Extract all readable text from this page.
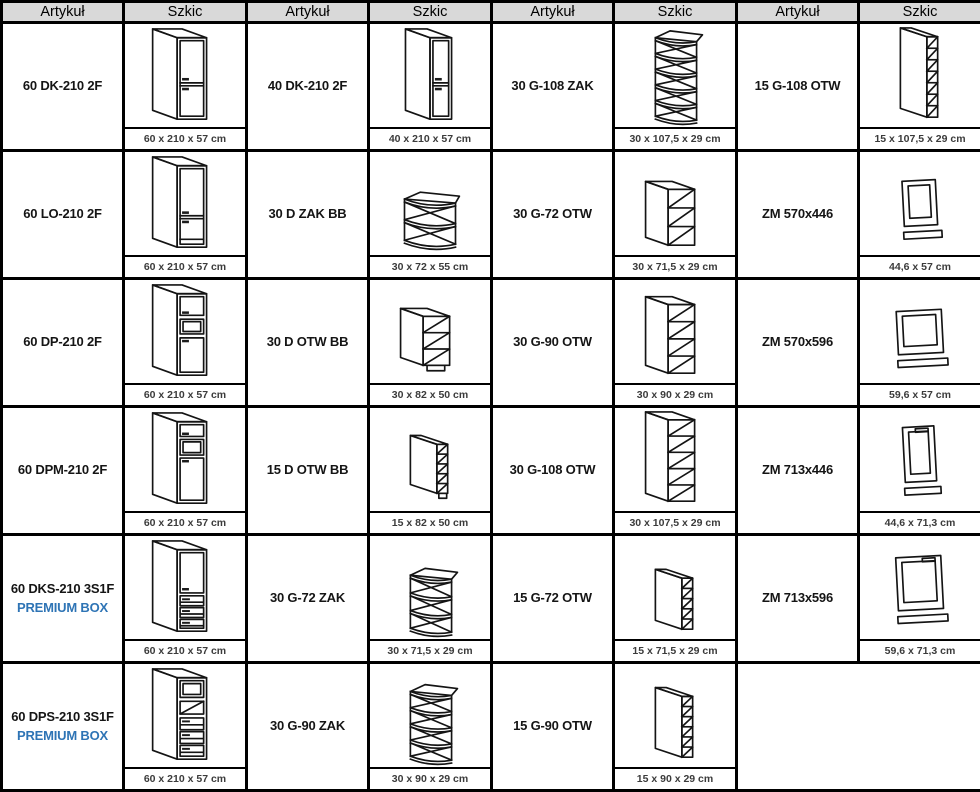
Artykuł	Szkic	Artykuł	Szkic	Artykuł	Szkic	Artykuł	Szkic

60 DK-210 2F	60 x 210 x 57 cm	40 DK-210 2F	40 x 210 x 57 cm	30 G-108 ZAK	30 x 107,5 x 29 cm	15 G-108 OTW	15 x 107,5 x 29 cm

60 LO-210 2F	60 x 210 x 57 cm	30 D ZAK BB	30 x 72 x 55 cm	30 G-72 OTW	30 x 71,5 x 29 cm	ZM 570x446	44,6 x 57 cm

60 DP-210 2F	60 x 210 x 57 cm	30 D OTW BB	30 x 82 x 50 cm	30 G-90 OTW	30 x 90 x 29 cm	ZM 570x596	59,6 x 57 cm

60 DPM-210 2F	60 x 210 x 57 cm	15 D OTW BB	15 x 82 x 50 cm	30 G-108 OTW	30 x 107,5 x 29 cm	ZM 713x446	44,6 x 71,3 cm

60 DKS-210 3S1F
PREMIUM BOX	60 x 210 x 57 cm	30 G-72 ZAK	30 x 71,5 x 29 cm	15 G-72 OTW	15 x 71,5 x 29 cm	ZM 713x596	59,6 x 71,3 cm

60 DPS-210 3S1F
PREMIUM BOX	60 x 210 x 57 cm	30 G-90 ZAK	30 x 90 x 29 cm	15 G-90 OTW	15 x 90 x 29 cm		
